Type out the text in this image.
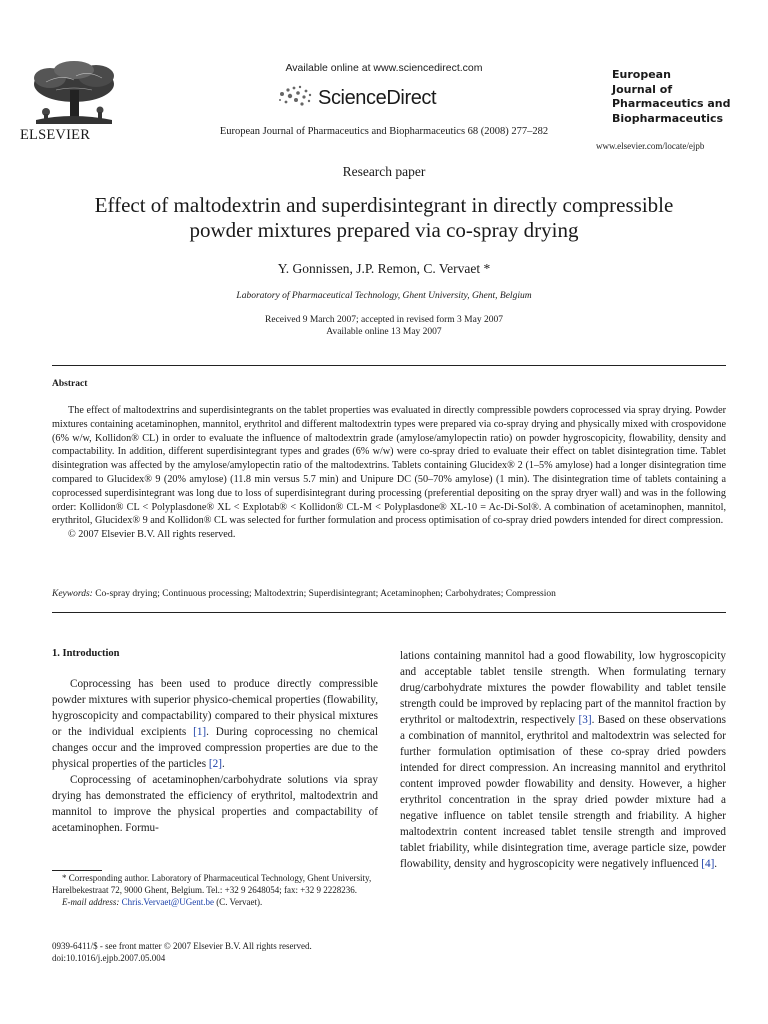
ELSEVIER
Available online at www.sciencedirect.com
ScienceDirect
European Journal of Pharmaceutics and Biopharmaceutics 68 (2008) 277–282
European
Journal of
Pharmaceutics and
Biopharmaceutics
www.elsevier.com/locate/ejpb
Research paper
Effect of maltodextrin and superdisintegrant in directly compressible
powder mixtures prepared via co-spray drying
Y. Gonnissen, J.P. Remon, C. Vervaet *
Laboratory of Pharmaceutical Technology, Ghent University, Ghent, Belgium
Received 9 March 2007; accepted in revised form 3 May 2007
Available online 13 May 2007
Abstract
The effect of maltodextrins and superdisintegrants on the tablet properties was evaluated in directly compressible powders coprocessed via spray drying. Powder mixtures containing acetaminophen, mannitol, erythritol and different maltodextrin types were prepared via co-spray drying and physically mixed with crospovidone (6% w/w, Kollidon® CL) in order to evaluate the influence of maltodextrin grade (amylose/amylopectin ratio) on powder hygroscopicity, flowability, density and compactability. In addition, different superdisintegrant types and grades (6% w/w) were co-spray dried to evaluate their effect on tablet disintegration time. Tablet disintegration was affected by the amylose/amylopectin ratio of the maltodextrins. Tablets containing Glucidex® 2 (1–5% amylose) had a longer disintegration time compared to Glucidex® 9 (20% amylose) (11.8 min versus 5.7 min) and Unipure DC (50–70% amylose) (1 min). The disintegration time of tablets containing a coprocessed superdisintegrant was long due to loss of superdisintegrant during processing (preferential depositing on the spray dryer wall) and was in the following order: Kollidon® CL < Polyplasdone® XL < Explotab® < Kollidon® CL-M < Polyplasdone® XL-10 = Ac-Di-Sol®. A combination of acetaminophen, mannitol, erythritol, Glucidex® 9 and Kollidon® CL was selected for further formulation and process optimisation of co-spray dried powders intended for direct compression.
© 2007 Elsevier B.V. All rights reserved.
Keywords: Co-spray drying; Continuous processing; Maltodextrin; Superdisintegrant; Acetaminophen; Carbohydrates; Compression
1. Introduction

Coprocessing has been used to produce directly compressible powder mixtures with superior physico-chemical properties (flowability, hygroscopicity and compactability) compared to their physical mixtures or the individual excipients [1]. During coprocessing no chemical changes occur and the improved compression properties are due to the physical properties of the particles [2].

Coprocessing of acetaminophen/carbohydrate solutions via spray drying has demonstrated the efficiency of erythritol, maltodextrin and mannitol to improve the physical properties and compactability of acetaminophen. Formu-

* Corresponding author. Laboratory of Pharmaceutical Technology, Ghent University, Harelbekestraat 72, 9000 Ghent, Belgium. Tel.: +32 9 2648054; fax: +32 9 2228236.

E-mail address: Chris.Vervaet@UGent.be (C. Vervaet).

0939-6411/$ - see front matter © 2007 Elsevier B.V. All rights reserved.
doi:10.1016/j.ejpb.2007.05.004

lations containing mannitol had a good flowability, low hygroscopicity and acceptable tablet tensile strength. When formulating ternary drug/carbohydrate mixtures the powder flowability and tablet tensile strength could be improved by replacing part of the mannitol fraction by erythritol or maltodextrin, respectively [3]. Based on these observations a combination of mannitol, erythritol and maltodextrin was selected for further formulation optimisation of these co-spray dried powders intended for direct compression. An increasing mannitol and erythritol content improved powder flowability and density. However, a higher erythritol concentration in the spray dried powder mixture had a negative influence on tablet tensile strength and friability. A higher maltodextrin content increased tablet tensile strength and improved tablet friability, while disintegration time, average particle size, powder flowability, density and hygroscopicity were negatively influenced [4].
